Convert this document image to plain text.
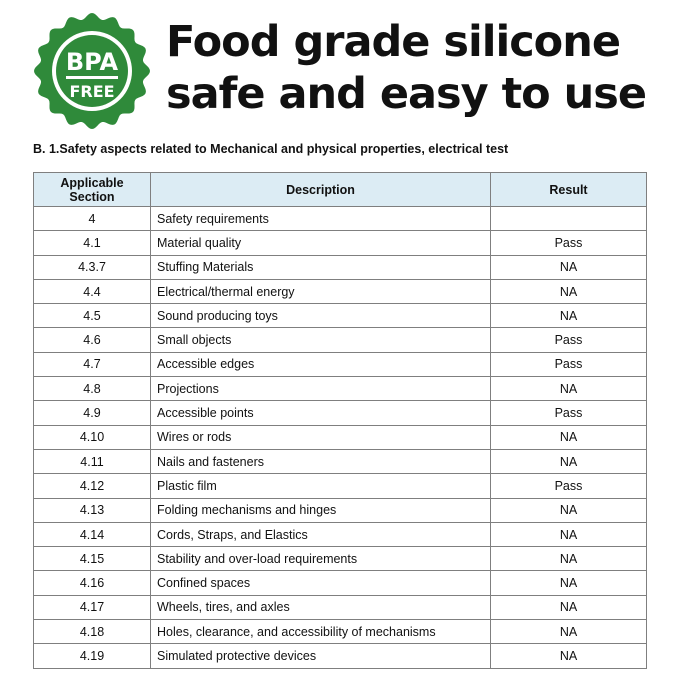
BPA
FREE
Food grade silicone
safe and easy to use

B. 1.Safety aspects related to Mechanical and physical properties, electrical test

Applicable
Section	Description	Result
4	Safety requirements	
4.1	Material quality	Pass
4.3.7	Stuffing Materials	NA
4.4	Electrical/thermal energy	NA
4.5	Sound producing toys	NA
4.6	Small objects	Pass
4.7	Accessible edges	Pass
4.8	Projections	NA
4.9	Accessible points	Pass
4.10	Wires or rods	NA
4.11	Nails and fasteners	NA
4.12	Plastic film	Pass
4.13	Folding mechanisms and hinges	NA
4.14	Cords, Straps, and Elastics	NA
4.15	Stability and over-load requirements	NA
4.16	Confined spaces	NA
4.17	Wheels, tires, and axles	NA
4.18	Holes, clearance, and accessibility of mechanisms	NA
4.19	Simulated protective devices	NA
